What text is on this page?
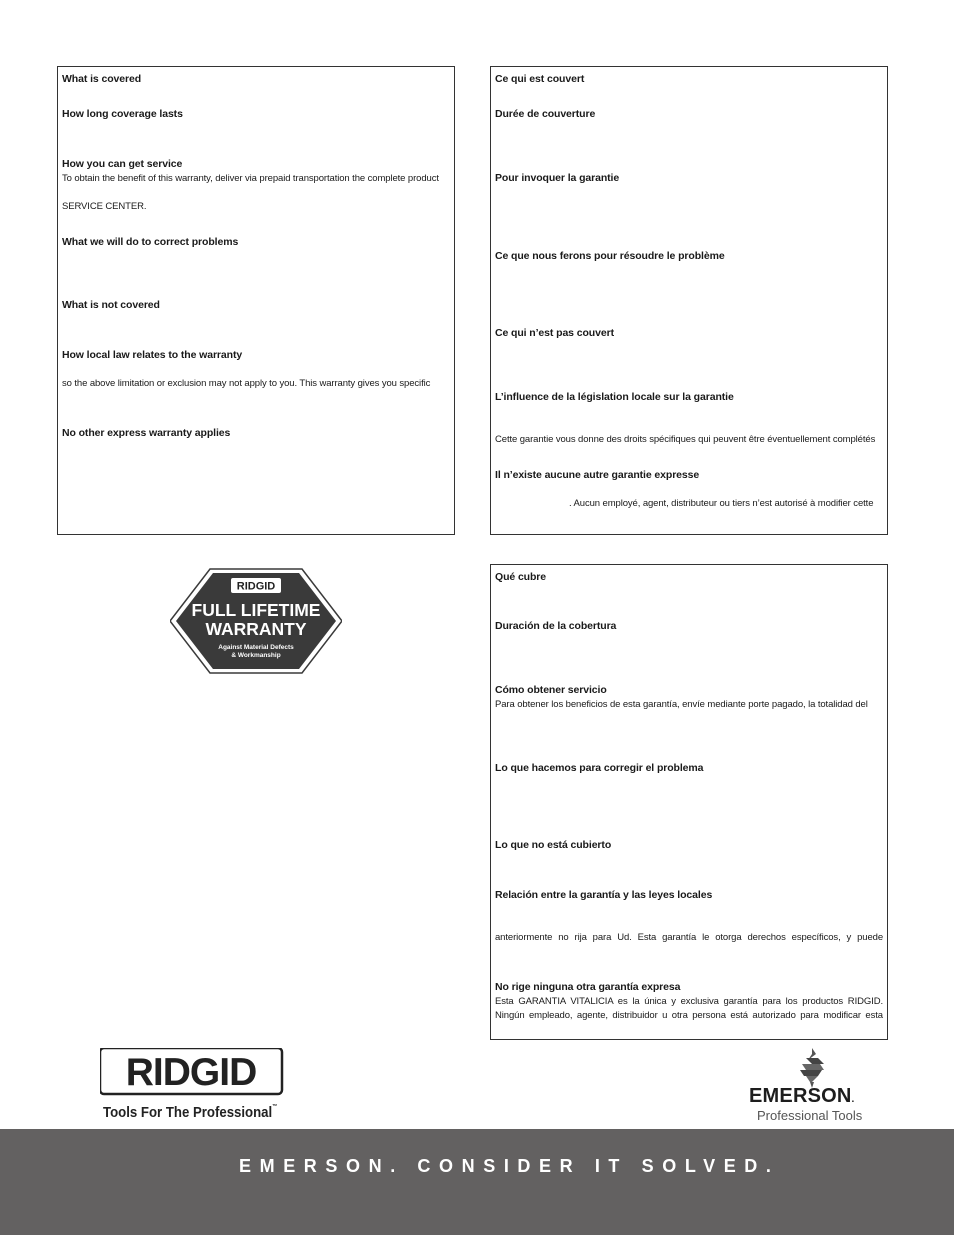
What is covered
How long coverage lasts
How you can get service
To obtain the benefit of this warranty, deliver via prepaid transportation the complete product
SERVICE CENTER.
What we will do to correct problems
What is not covered
How local law relates to the warranty
so the above limitation or exclusion may not apply to you. This warranty gives you specific
No other express warranty applies
Ce qui est couvert
Durée de couverture
Pour invoquer la garantie
Ce que nous ferons pour résoudre le problème
Ce qui n’est pas couvert
L’influence de la législation locale sur la garantie
Cette garantie vous donne des droits spécifiques qui peuvent être éventuellement complétés
Il n’existe aucune autre garantie expresse
. Aucun employé, agent, distributeur ou tiers n’est autorisé à modifier cette
Qué cubre
Duración de la cobertura
Cómo obtener servicio
Para obtener los beneficios de esta garantía, envíe mediante porte pagado, la totalidad del
Lo que hacemos para corregir el problema
Lo que no está cubierto
Relación entre la garantía y las leyes locales
anteriormente no rija para Ud. Esta garantía le otorga derechos específicos, y puede
No rige ninguna otra garantía expresa
Esta GARANTIA VITALICIA es la única y exclusiva garantía para los productos RIDGID.
Ningún empleado, agente, distribuidor u otra persona está autorizado para modificar esta
RIDGID
FULL LIFETIME
WARRANTY
Against Material Defects
& Workmanship
RIDGID
Tools For The Professional™	EMERSON.
Professional Tools
EMERSON. CONSIDER IT SOLVED.
